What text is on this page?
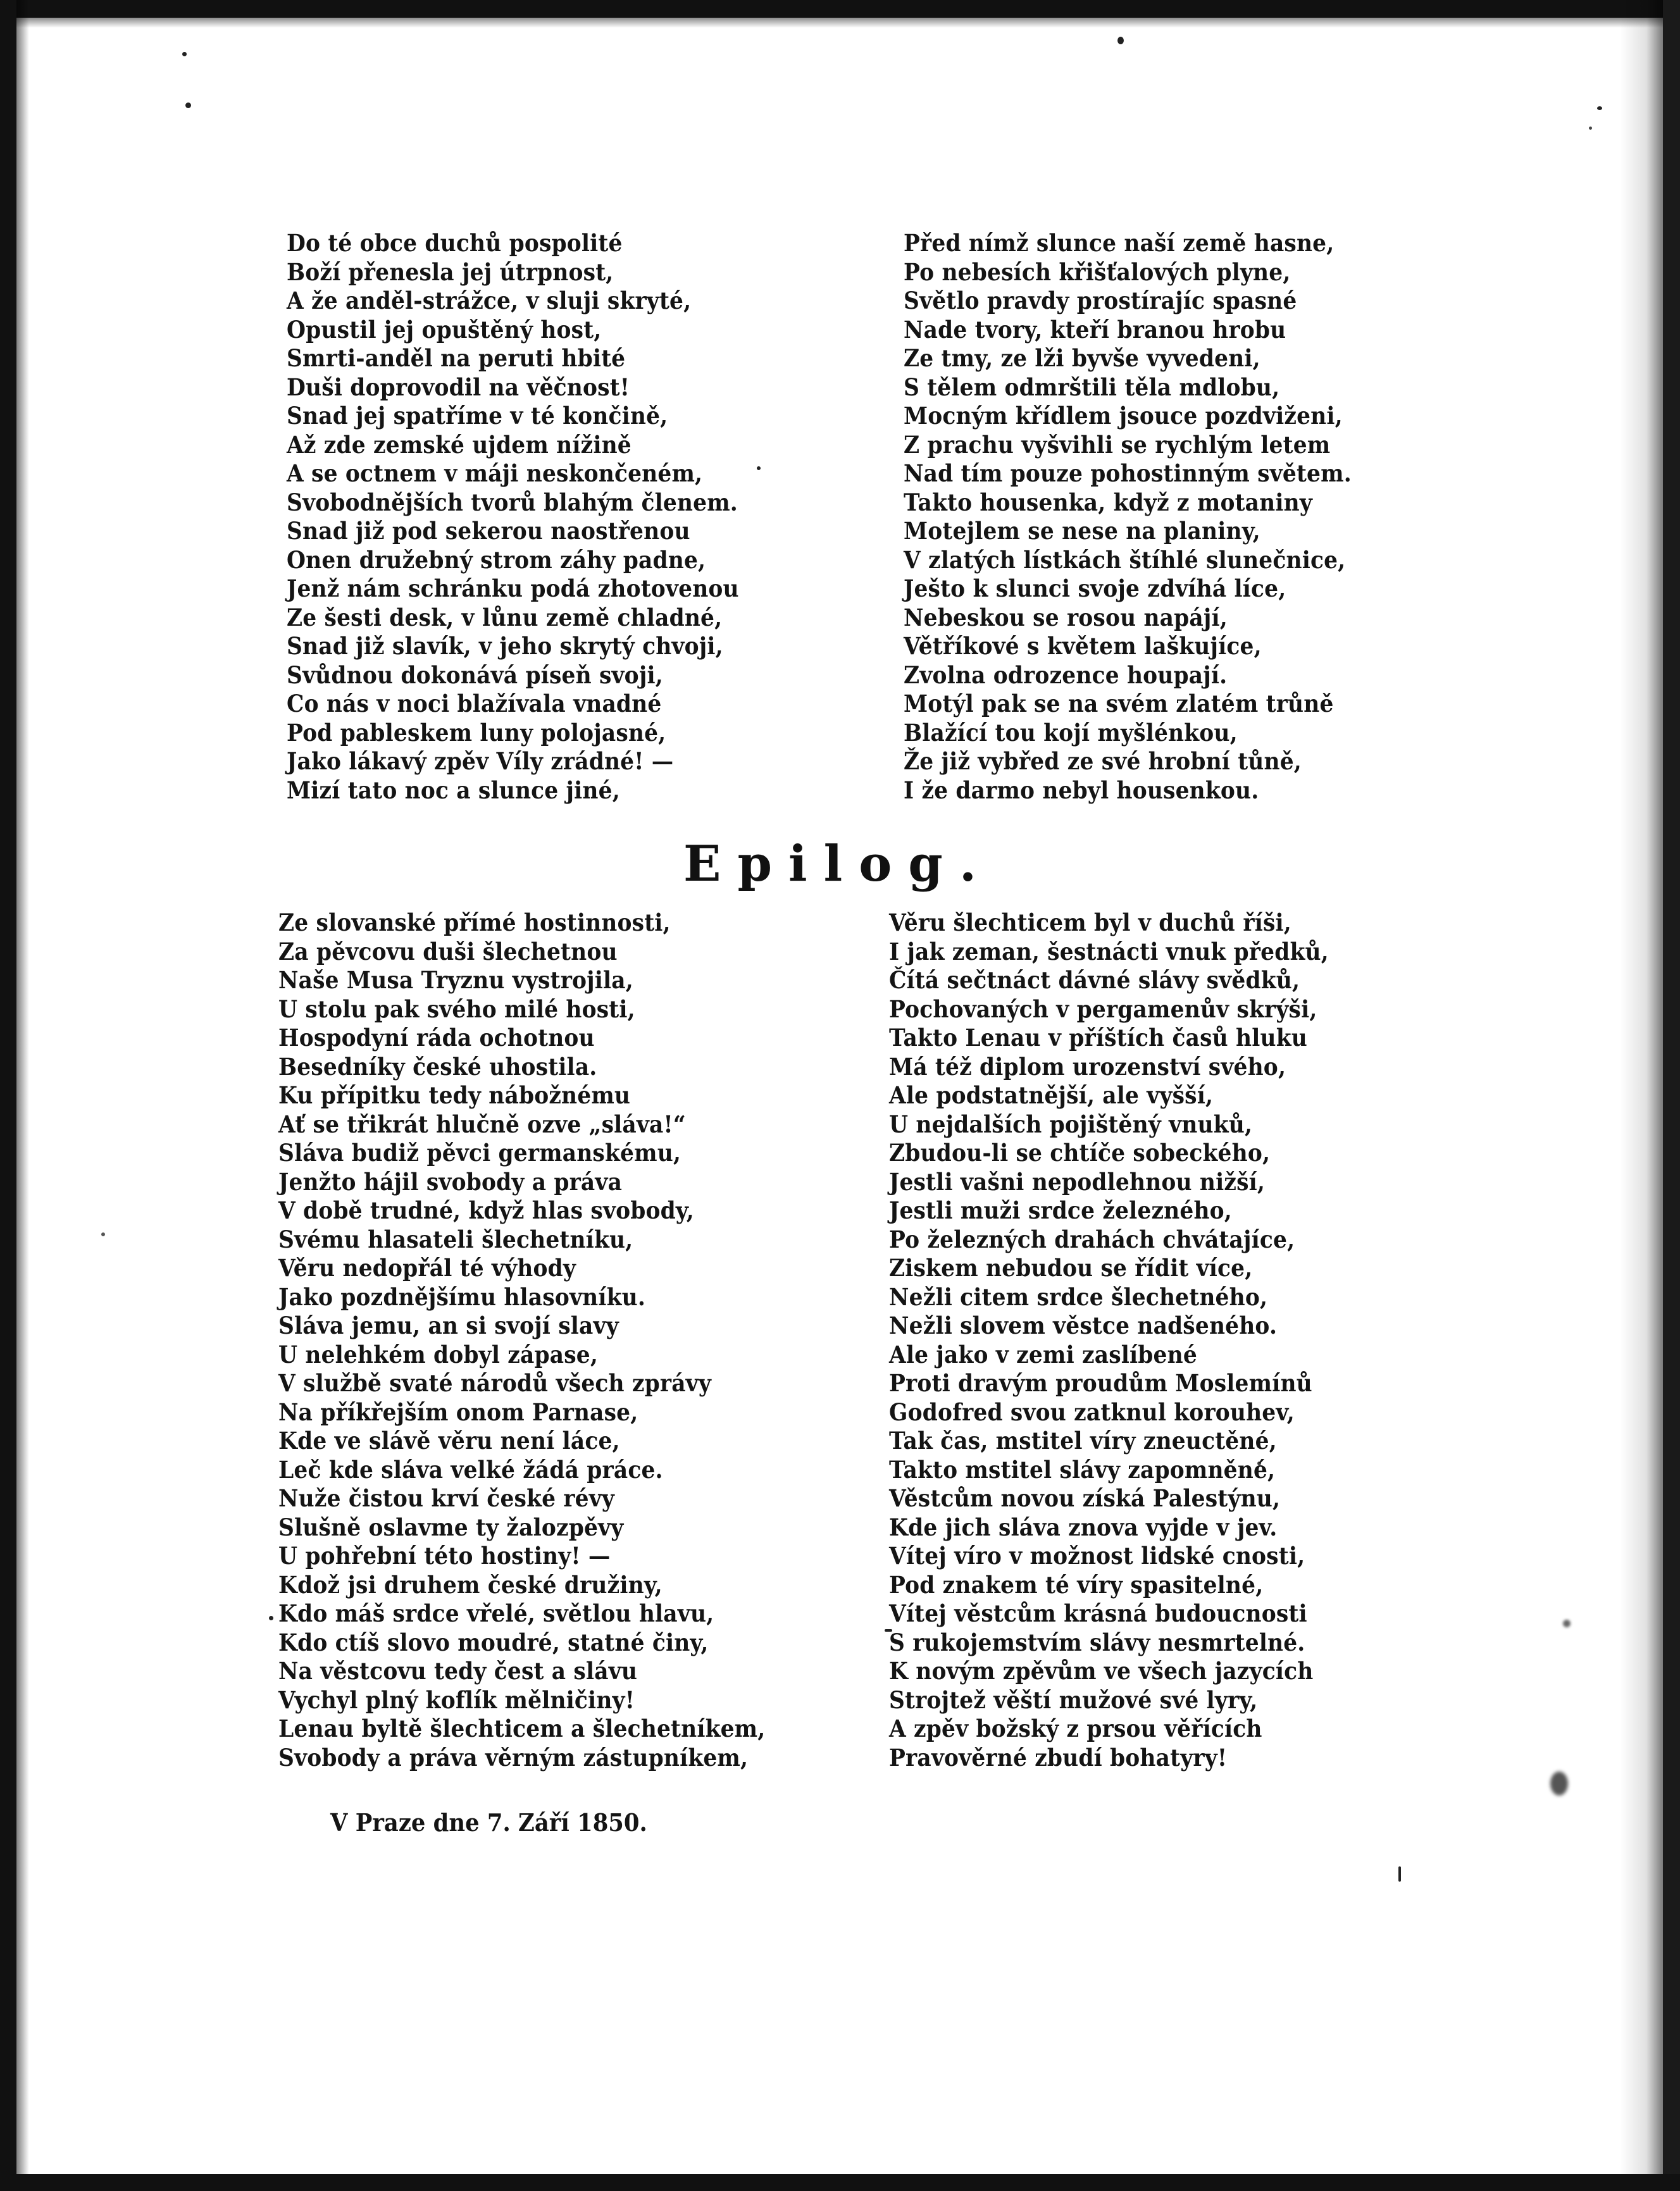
Do té obce duchů pospolité
Boží přenesla jej útrpnost,
A že anděl-strážce, v sluji skryté,
Opustil jej opuštěný host,
Smrti-anděl na peruti hbité
Duši doprovodil na věčnost!
Snad jej spatříme v té končině,
Až zde zemské ujdem nížině
A se octnem v máji neskončeném,
Svobodnějších tvorů blahým členem.
Snad již pod sekerou naostřenou
Onen družebný strom záhy padne,
Jenž nám schránku podá zhotovenou
Ze šesti desk, v lůnu země chladné,
Snad již slavík, v jeho skrytý chvoji,
Svůdnou dokonává píseň svoji,
Co nás v noci blažívala vnadné
Pod pableskem luny polojasné,
Jako lákavý zpěv Víly zrádné! —
Mizí tato noc a slunce jiné,
Před nímž slunce naší země hasne,
Po nebesích křišťalových plyne,
Světlo pravdy prostírajíc spasné
Nade tvory, kteří branou hrobu
Ze tmy, ze lži byvše vyvedeni,
S tělem odmrštili těla mdlobu,
Mocným křídlem jsouce pozdviženi,
Z prachu vyšvihli se rychlým letem
Nad tím pouze pohostinným světem.
Takto housenka, když z motaniny
Motejlem se nese na planiny,
V zlatých lístkách štíhlé slunečnice,
Ješto k slunci svoje zdvíhá líce,
Nebeskou se rosou napájí,
Větříkové s květem laškujíce,
Zvolna odrozence houpají.
Motýl pak se na svém zlatém trůně
Blažící tou kojí myšlénkou,
Že již vybřed ze své hrobní tůně,
I že darmo nebyl housenkou.
Epilog.
Ze slovanské přímé hostinnosti,
Za pěvcovu duši šlechetnou
Naše Musa Tryznu vystrojila,
U stolu pak svého milé hosti,
Hospodyní ráda ochotnou
Besedníky české uhostila.
Ku přípitku tedy nábožnému
Ať se třikrát hlučně ozve „sláva!“
Sláva budiž pěvci germanskému,
Jenžto hájil svobody a práva
V době trudné, když hlas svobody,
Svému hlasateli šlechetníku,
Věru nedopřál té výhody
Jako pozdnějšímu hlasovníku.
Sláva jemu, an si svojí slavy
U nelehkém dobyl zápase,
V službě svaté národů všech zprávy
Na příkřejším onom Parnase,
Kde ve slávě věru není láce,
Leč kde sláva velké žádá práce.
Nuže čistou krví české révy
Slušně oslavme ty žalozpěvy
U pohřební této hostiny! —
Kdož jsi druhem české družiny,
Kdo máš srdce vřelé, světlou hlavu,
Kdo ctíš slovo moudré, statné činy,
Na věstcovu tedy čest a slávu
Vychyl plný koflík mělničiny!
Lenau byltě šlechticem a šlechetníkem,
Svobody a práva věrným zástupníkem,
Věru šlechticem byl v duchů říši,
I jak zeman, šestnácti vnuk předků,
Čítá sečtnáct dávné slávy svědků,
Pochovaných v pergamenův skrýši,
Takto Lenau v příštích časů hluku
Má též diplom urozenství svého,
Ale podstatnější, ale vyšší,
U nejdalších pojištěný vnuků,
Zbudou-li se chtíče sobeckého,
Jestli vašni nepodlehnou nižší,
Jestli muži srdce železného,
Po železných drahách chvátajíce,
Ziskem nebudou se řídit více,
Nežli citem srdce šlechetného,
Nežli slovem věstce nadšeného.
Ale jako v zemi zaslíbené
Proti dravým proudům Moslemínů
Godofred svou zatknul korouhev,
Tak čas, mstitel víry zneuctěné,
Takto mstitel slávy zapomněné,
Věstcům novou získá Palestýnu,
Kde jich sláva znova vyjde v jev.
Vítej víro v možnost lidské cnosti,
Pod znakem té víry spasitelné,
Vítej věstcům krásná budoucnosti
S rukojemstvím slávy nesmrtelné.
K novým zpěvům ve všech jazycích
Strojtež věští mužové své lyry,
A zpěv božský z prsou věřících
Pravověrné zbudí bohatyry!
V Praze dne 7. Září 1850.
